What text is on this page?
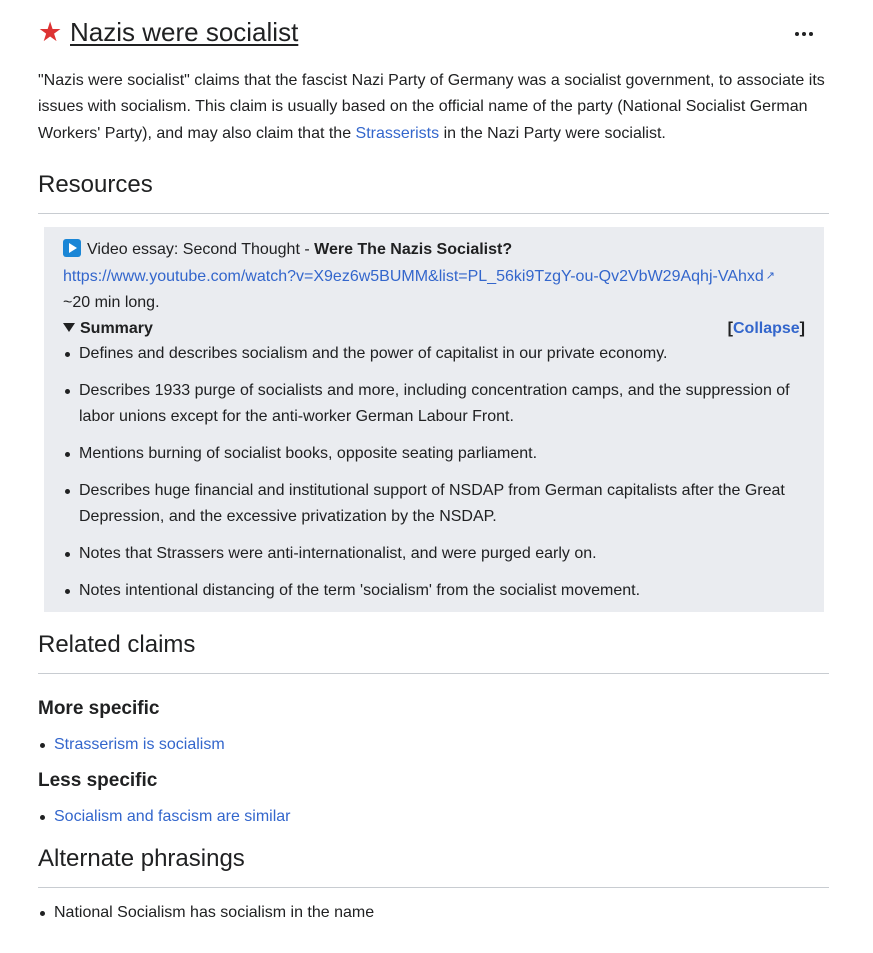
★ Nazis were socialist

"Nazis were socialist" claims that the fascist Nazi Party of Germany was a socialist government, to associate its issues with socialism. This claim is usually based on the official name of the party (National Socialist German Workers' Party), and may also claim that the Strasserists in the Nazi Party were socialist.

Resources
Video essay: Second Thought - Were The Nazis Socialist?
https://www.youtube.com/watch?v=X9ez6w5BUMM&list=PL_56ki9TzgY-ou-Qv2VbW29Aqhj-VAhxd ↗
~20 min long.
Summary	[Collapse]
Defines and describes socialism and the power of capitalist in our private economy.
Describes 1933 purge of socialists and more, including concentration camps, and the suppression of labor unions except for the anti-worker German Labour Front.
Mentions burning of socialist books, opposite seating parliament.
Describes huge financial and institutional support of NSDAP from German capitalists after the Great Depression, and the excessive privatization by the NSDAP.
Notes that Strassers were anti-internationalist, and were purged early on.
Notes intentional distancing of the term 'socialism' from the socialist movement.
Related claims
More specific
Strasserism is socialism
Less specific
Socialism and fascism are similar
Alternate phrasings
National Socialism has socialism in the name
